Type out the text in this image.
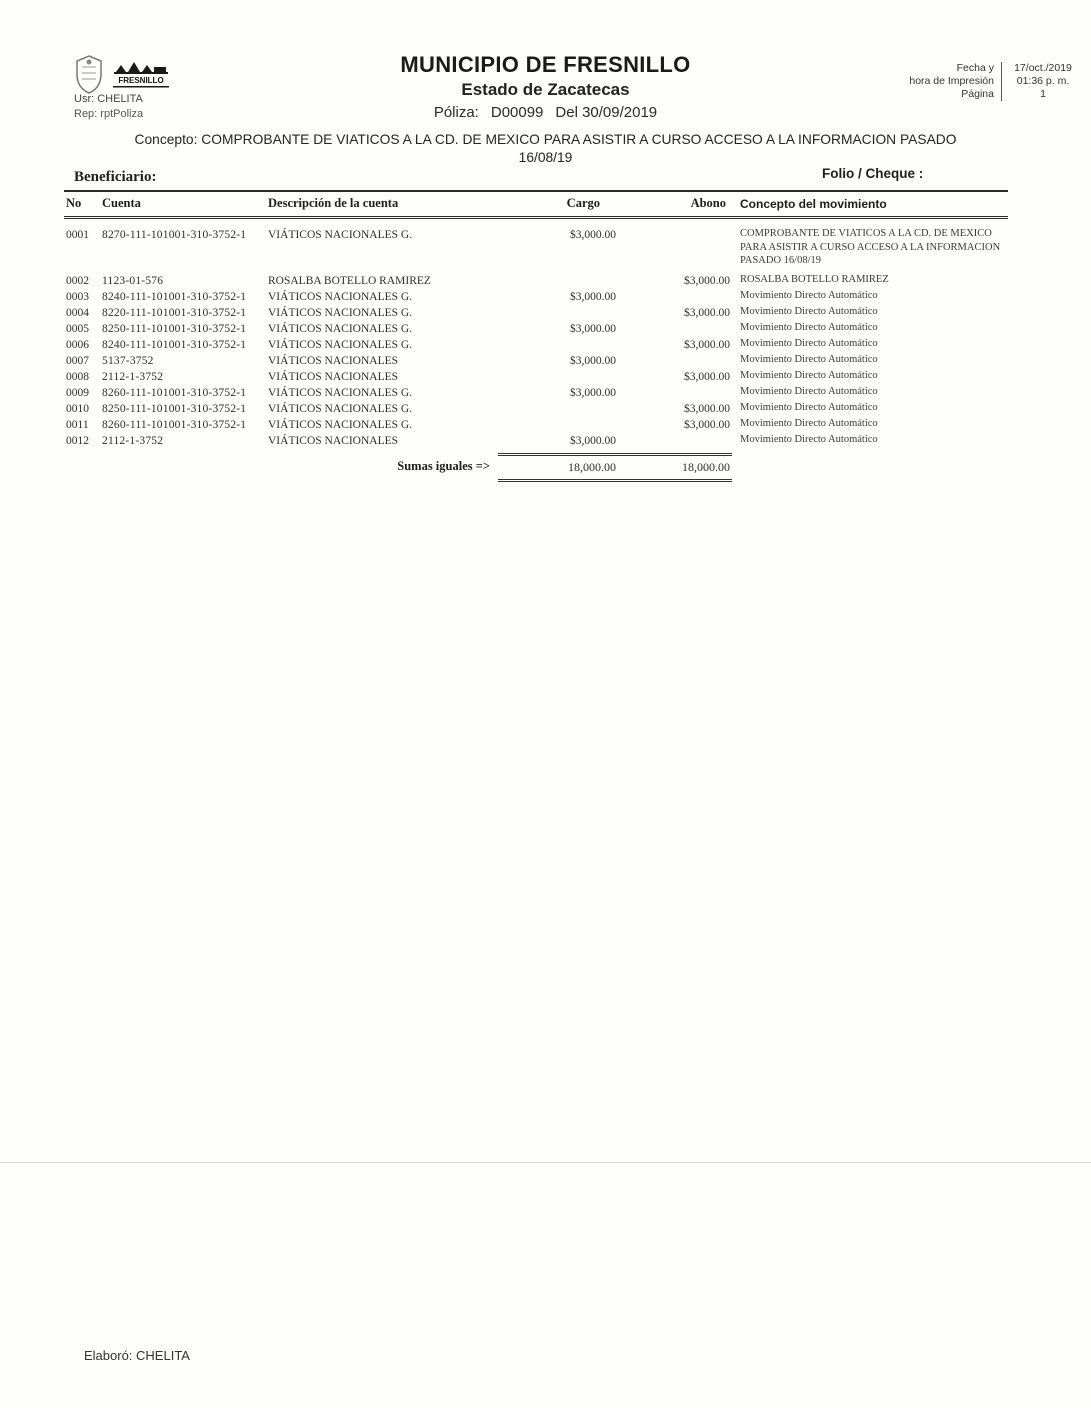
FRESNILLO
Usr: CHELITA
Rep: rptPoliza
MUNICIPIO DE FRESNILLO
Estado de Zacatecas
Póliza: D00099 Del 30/09/2019
Concepto: COMPROBANTE DE VIATICOS A LA CD. DE MEXICO PARA ASISTIR A CURSO ACCESO A LA INFORMACION PASADO
16/08/19
Fecha y	17/oct./2019
hora de Impresión	01:36 p. m.
Página	1
Beneficiario:	Folio / Cheque :
No	Cuenta	Descripción de la cuenta	Cargo	Abono	Concepto del movimiento
0001	8270-111-101001-310-3752-1	VIÁTICOS NACIONALES G.	$3,000.00		COMPROBANTE DE VIATICOS A LA CD. DE MEXICO PARA ASISTIR A CURSO ACCESO A LA INFORMACION PASADO 16/08/19
0002	1123-01-576	ROSALBA BOTELLO RAMIREZ		$3,000.00	ROSALBA BOTELLO RAMIREZ
0003	8240-111-101001-310-3752-1	VIÁTICOS NACIONALES G.	$3,000.00		Movimiento Directo Automático
0004	8220-111-101001-310-3752-1	VIÁTICOS NACIONALES G.		$3,000.00	Movimiento Directo Automático
0005	8250-111-101001-310-3752-1	VIÁTICOS NACIONALES G.	$3,000.00		Movimiento Directo Automático
0006	8240-111-101001-310-3752-1	VIÁTICOS NACIONALES G.		$3,000.00	Movimiento Directo Automático
0007	5137-3752	VIÁTICOS NACIONALES	$3,000.00		Movimiento Directo Automático
0008	2112-1-3752	VIÁTICOS NACIONALES		$3,000.00	Movimiento Directo Automático
0009	8260-111-101001-310-3752-1	VIÁTICOS NACIONALES G.	$3,000.00		Movimiento Directo Automático
0010	8250-111-101001-310-3752-1	VIÁTICOS NACIONALES G.		$3,000.00	Movimiento Directo Automático
0011	8260-111-101001-310-3752-1	VIÁTICOS NACIONALES G.		$3,000.00	Movimiento Directo Automático
0012	2112-1-3752	VIÁTICOS NACIONALES	$3,000.00		Movimiento Directo Automático
Sumas iguales =>	18,000.00	18,000.00
Elaboró: CHELITA
